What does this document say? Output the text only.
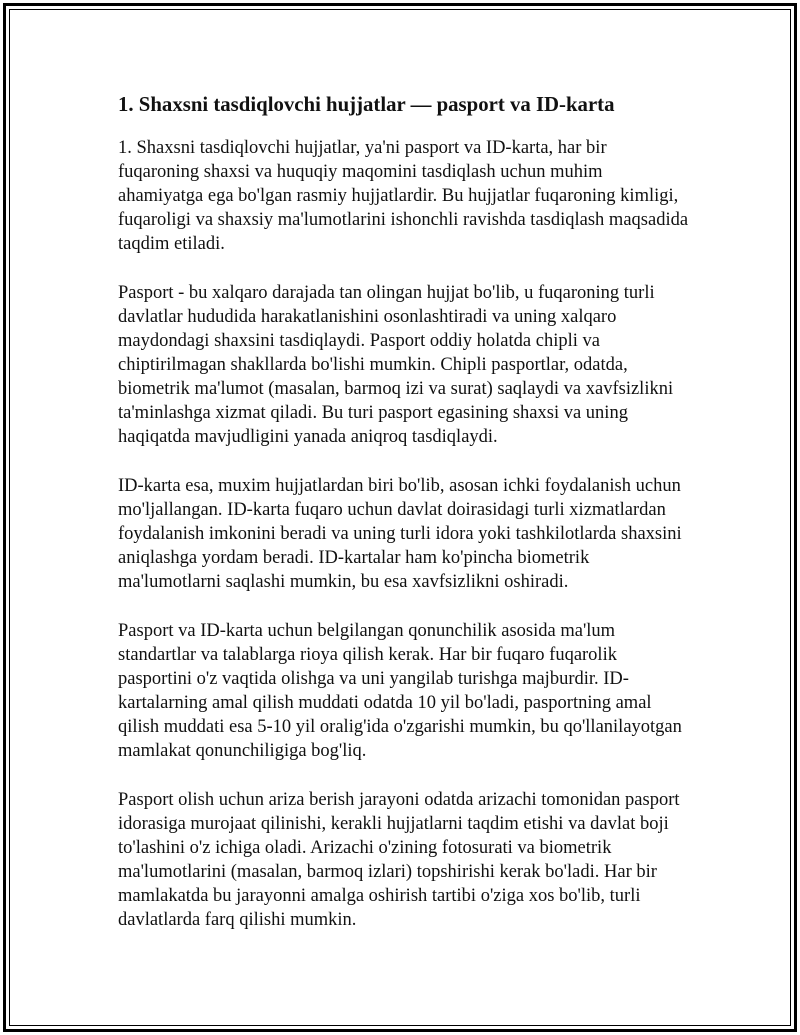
1. Shaxsni tasdiqlovchi hujjatlar — pasport va ID-karta

1. Shaxsni tasdiqlovchi hujjatlar, ya'ni pasport va ID-karta, har bir
fuqaroning shaxsi va huquqiy maqomini tasdiqlash uchun muhim
ahamiyatga ega bo'lgan rasmiy hujjatlardir. Bu hujjatlar fuqaroning kimligi,
fuqaroligi va shaxsiy ma'lumotlarini ishonchli ravishda tasdiqlash maqsadida
taqdim etiladi.

Pasport - bu xalqaro darajada tan olingan hujjat bo'lib, u fuqaroning turli
davlatlar hududida harakatlanishini osonlashtiradi va uning xalqaro
maydondagi shaxsini tasdiqlaydi. Pasport oddiy holatda chipli va
chiptirilmagan shakllarda bo'lishi mumkin. Chipli pasportlar, odatda,
biometrik ma'lumot (masalan, barmoq izi va surat) saqlaydi va xavfsizlikni
ta'minlashga xizmat qiladi. Bu turi pasport egasining shaxsi va uning
haqiqatda mavjudligini yanada aniqroq tasdiqlaydi.

ID-karta esa, muxim hujjatlardan biri bo'lib, asosan ichki foydalanish uchun
mo'ljallangan. ID-karta fuqaro uchun davlat doirasidagi turli xizmatlardan
foydalanish imkonini beradi va uning turli idora yoki tashkilotlarda shaxsini
aniqlashga yordam beradi. ID-kartalar ham ko'pincha biometrik
ma'lumotlarni saqlashi mumkin, bu esa xavfsizlikni oshiradi.

Pasport va ID-karta uchun belgilangan qonunchilik asosida ma'lum
standartlar va talablarga rioya qilish kerak. Har bir fuqaro fuqarolik
pasportini o'z vaqtida olishga va uni yangilab turishga majburdir. ID-
kartalarning amal qilish muddati odatda 10 yil bo'ladi, pasportning amal
qilish muddati esa 5-10 yil oralig'ida o'zgarishi mumkin, bu qo'llanilayotgan
mamlakat qonunchiligiga bog'liq.

Pasport olish uchun ariza berish jarayoni odatda arizachi tomonidan pasport
idorasiga murojaat qilinishi, kerakli hujjatlarni taqdim etishi va davlat boji
to'lashini o'z ichiga oladi. Arizachi o'zining fotosurati va biometrik
ma'lumotlarini (masalan, barmoq izlari) topshirishi kerak bo'ladi. Har bir
mamlakatda bu jarayonni amalga oshirish tartibi o'ziga xos bo'lib, turli
davlatlarda farq qilishi mumkin.
